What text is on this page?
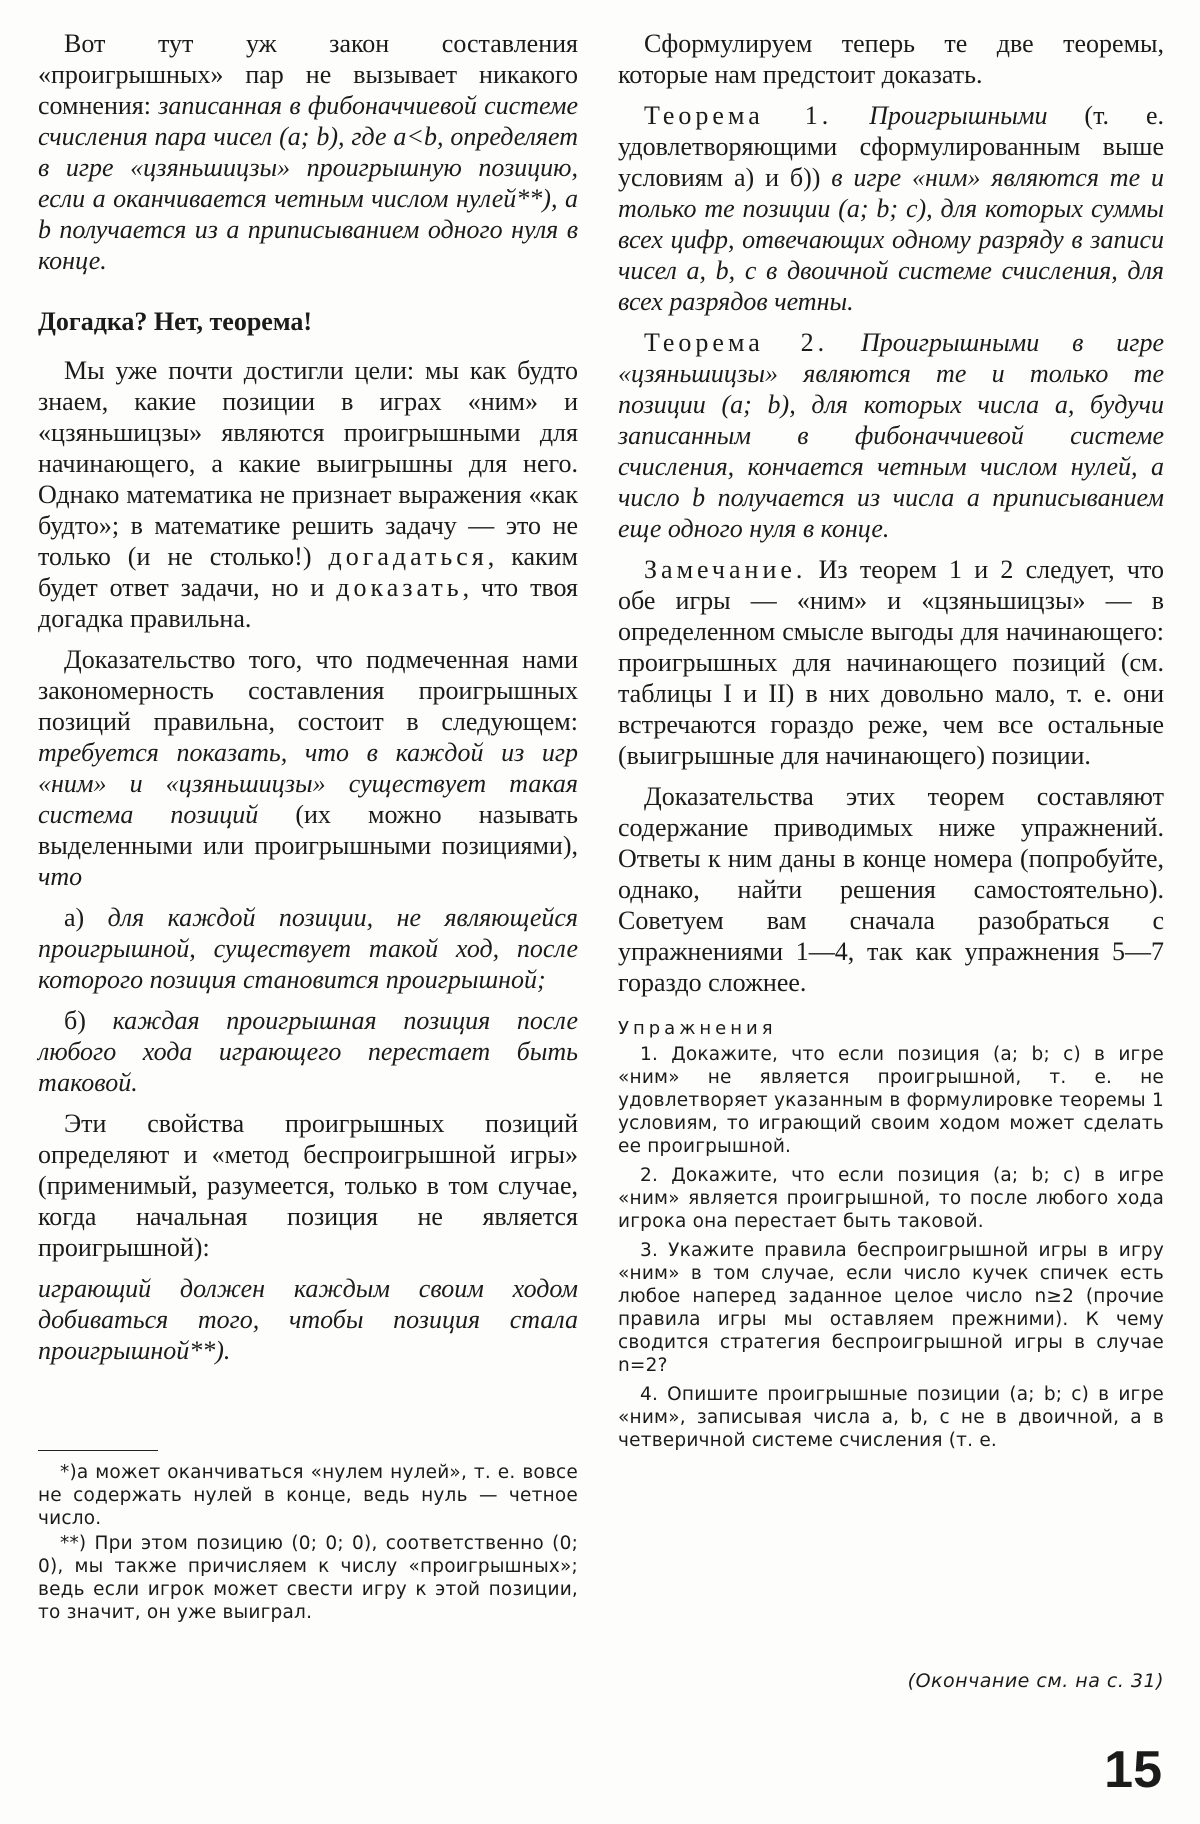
Вот тут уж закон составления «проигрышных» пар не вызывает никакого сомнения: записанная в фибоначчиевой системе счисления пара чисел (a; b), где a<b, определяет в игре «цзяньшицзы» проигрышную позицию, если a оканчивается четным числом нулей**), a b получается из a приписыванием одного нуля в конце.

Догадка? Нет, теорема!

Мы уже почти достигли цели: мы как будто знаем, какие позиции в играх «ним» и «цзяньшицзы» являются проигрышными для начинающего, а какие выигрышны для него. Однако математика не признает выражения «как будто»; в математике решить задачу — это не только (и не столько!) догадаться, каким будет ответ задачи, но и доказать, что твоя догадка правильна.

Доказательство того, что подмеченная нами закономерность составления проигрышных позиций правильна, состоит в следующем: требуется показать, что в каждой из игр «ним» и «цзяньшицзы» существует такая система позиций (их можно называть выделенными или проигрышными позициями), что

а) для каждой позиции, не являющейся проигрышной, существует такой ход, после которого позиция становится проигрышной;

б) каждая проигрышная позиция после любого хода играющего перестает быть таковой.

Эти свойства проигрышных позиций определяют и «метод беспроигрышной игры» (применимый, разумеется, только в том случае, когда начальная позиция не является проигрышной):

играющий должен каждым своим ходом добиваться того, чтобы позиция стала проигрышной**).

*)a может оканчиваться «нулем нулей», т. е. вовсе не содержать нулей в конце, ведь нуль — четное число.

**) При этом позицию (0; 0; 0), соответственно (0; 0), мы также причисляем к числу «проигрышных»; ведь если игрок может свести игру к этой позиции, то значит, он уже выиграл.

Сформулируем теперь те две теоремы, которые нам предстоит доказать.

Теорема 1. Проигрышными (т. е. удовлетворяющими сформулированным выше условиям а) и б)) в игре «ним» являются те и только те позиции (a; b; c), для которых суммы всех цифр, отвечающих одному разряду в записи чисел a, b, c в двоичной системе счисления, для всех разрядов четны.

Теорема 2. Проигрышными в игре «цзяньшицзы» являются те и только те позиции (a; b), для которых числа a, будучи записанным в фибоначчиевой системе счисления, кончается четным числом нулей, а число b получается из числа a приписыванием еще одного нуля в конце.

Замечание. Из теорем 1 и 2 следует, что обе игры — «ним» и «цзяньшицзы» — в определенном смысле выгоды для начинающего: проигрышных для начинающего позиций (см. таблицы I и II) в них довольно мало, т. е. они встречаются гораздо реже, чем все остальные (выигрышные для начинающего) позиции.

Доказательства этих теорем составляют содержание приводимых ниже упражнений. Ответы к ним даны в конце номера (попробуйте, однако, найти решения самостоятельно). Советуем вам сначала разобраться с упражнениями 1—4, так как упражнения 5—7 гораздо сложнее.

Упражнения

1. Докажите, что если позиция (a; b; c) в игре «ним» не является проигрышной, т. е. не удовлетворяет указанным в формулировке теоремы 1 условиям, то играющий своим ходом может сделать ее проигрышной.

2. Докажите, что если позиция (a; b; c) в игре «ним» является проигрышной, то после любого хода игрока она перестает быть таковой.

3. Укажите правила беспроигрышной игры в игру «ним» в том случае, если число кучек спичек есть любое наперед заданное целое число n≥2 (прочие правила игры мы оставляем прежними). К чему сводится стратегия беспроигрышной игры в случае n=2?

4. Опишите проигрышные позиции (a; b; c) в игре «ним», записывая числа a, b, c не в двоичной, а в четверичной системе счисления (т. е.

(Окончание см. на с. 31)
15
